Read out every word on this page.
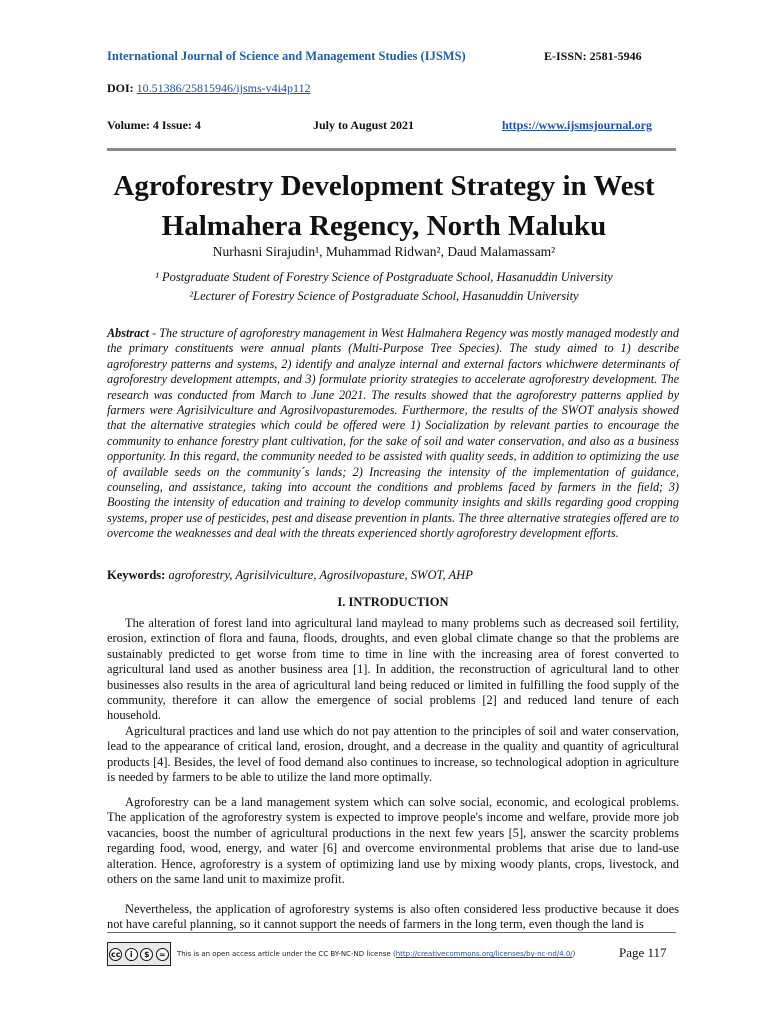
International Journal of Science and Management Studies (IJSMS)	E-ISSN: 2581-5946
DOI: 10.51386/25815946/ijsms-v4i4p112
Volume: 4 Issue: 4	July to August 2021	https://www.ijsmsjournal.org
Agroforestry Development Strategy in West Halmahera Regency, North Maluku
Nurhasni Sirajudin¹, Muhammad Ridwan², Daud Malamassam²
¹ Postgraduate Student of Forestry Science of Postgraduate School, Hasanuddin University
²Lecturer of Forestry Science of Postgraduate School, Hasanuddin University
Abstract - The structure of agroforestry management in West Halmahera Regency was mostly managed modestly and the primary constituents were annual plants (Multi-Purpose Tree Species). The study aimed to 1) describe agroforestry patterns and systems, 2) identify and analyze internal and external factors whichwere determinants of agroforestry development attempts, and 3) formulate priority strategies to accelerate agroforestry development. The research was conducted from March to June 2021. The results showed that the agroforestry patterns applied by farmers were Agrisilviculture and Agrosilvopasturemodes. Furthermore, the results of the SWOT analysis showed that the alternative strategies which could be offered were 1) Socialization by relevant parties to encourage the community to enhance forestry plant cultivation, for the sake of soil and water conservation, and also as a business opportunity. In this regard, the community needed to be assisted with quality seeds, in addition to optimizing the use of available seeds on the community´s lands; 2) Increasing the intensity of the implementation of guidance, counseling, and assistance, taking into account the conditions and problems faced by farmers in the field; 3) Boosting the intensity of education and training to develop community insights and skills regarding good cropping systems, proper use of pesticides, pest and disease prevention in plants. The three alternative strategies offered are to overcome the weaknesses and deal with the threats experienced shortly agroforestry development efforts.
Keywords: agroforestry, Agrisilviculture, Agrosilvopasture, SWOT, AHP
I. INTRODUCTION
The alteration of forest land into agricultural land maylead to many problems such as decreased soil fertility, erosion, extinction of flora and fauna, floods, droughts, and even global climate change so that the problems are sustainably predicted to get worse from time to time in line with the increasing area of forest converted to agricultural land used as another business area [1]. In addition, the reconstruction of agricultural land to other businesses also results in the area of agricultural land being reduced or limited in fulfilling the food supply of the community, therefore it can allow the emergence of social problems [2] and reduced land tenure of each household.
Agricultural practices and land use which do not pay attention to the principles of soil and water conservation, lead to the appearance of critical land, erosion, drought, and a decrease in the quality and quantity of agricultural products [4]. Besides, the level of food demand also continues to increase, so technological adoption in agriculture is needed by farmers to be able to utilize the land more optimally.
Agroforestry can be a land management system which can solve social, economic, and ecological problems. The application of the agroforestry system is expected to improve people's income and welfare, provide more job vacancies, boost the number of agricultural productions in the next few years [5], answer the scarcity problems regarding food, wood, energy, and water [6] and overcome environmental problems that arise due to land-use alteration. Hence, agroforestry is a system of optimizing land use by mixing woody plants, crops, livestock, and others on the same land unit to maximize profit.
Nevertheless, the application of agroforestry systems is also often considered less productive because it does not have careful planning, so it cannot support the needs of farmers in the long term, even though the land is
cc	i	$	=	This is an open access article under the CC BY-NC-ND license (http://creativecommons.org/licenses/by-nc-nd/4.0/)	Page 117
